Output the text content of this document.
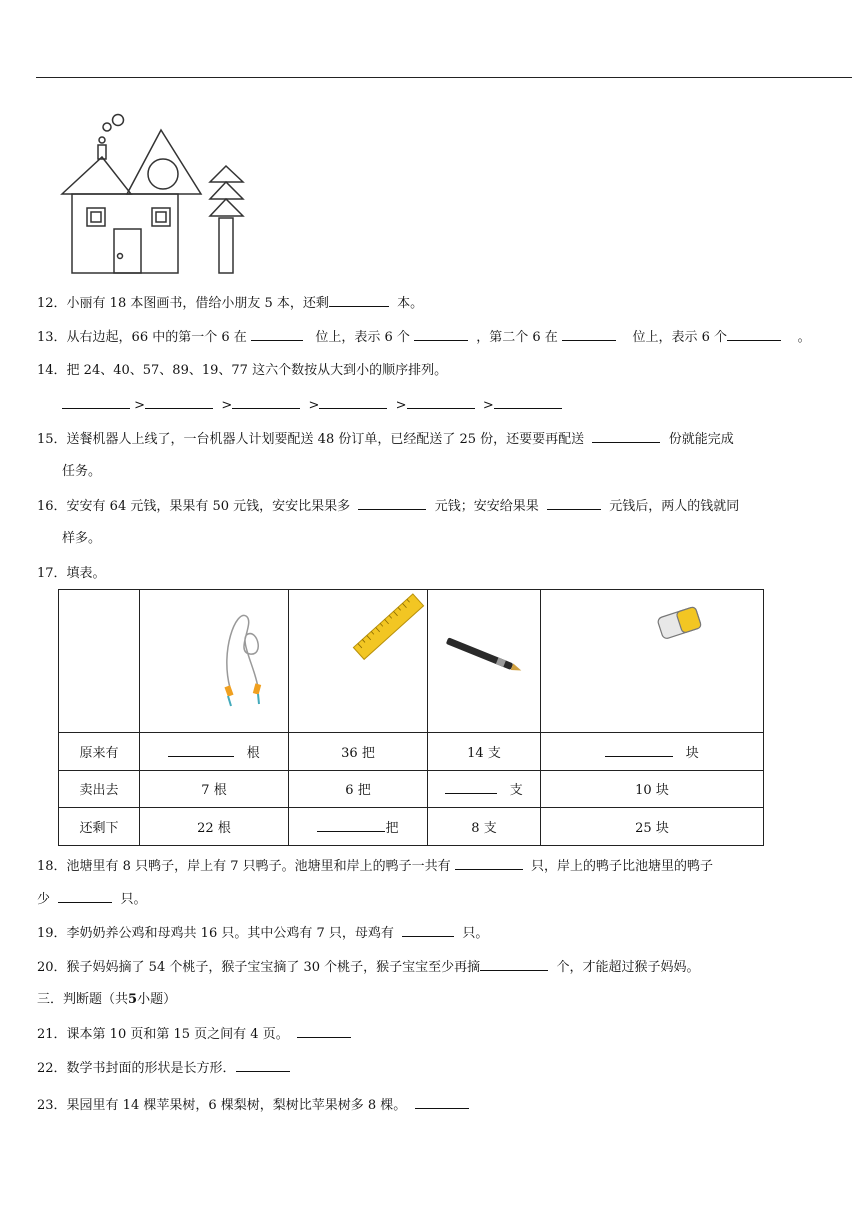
12．小丽有 18 本图画书，借给小朋友 5 本，还剩	本。
13．从右边起，66 中的第一个 6 在	位上，表示 6 个	，第二个 6 在	位上，表示 6 个	。
14．把 24、40、57、89、19、77 这六个数按从大到小的顺序排列。
>	>	>	>	>
15．送餐机器人上线了，一台机器人计划要配送 48 份订单，已经配送了 25 份，还要要再配送	份就能完成
任务。
16．安安有 64 元钱，果果有 50 元钱，安安比果果多	元钱；安安给果果	元钱后，两人的钱就同
样多。
17．填表。

原来有	根	36 把	14 支	块
卖出去	7 根	6 把	支	10 块
还剩下	22 根	把	8 支	25 块
18．池塘里有 8 只鸭子，岸上有 7 只鸭子。池塘里和岸上的鸭子一共有	只，岸上的鸭子比池塘里的鸭子
少	只。
19．李奶奶养公鸡和母鸡共 16 只。其中公鸡有 7 只，母鸡有	只。
20．猴子妈妈摘了 54 个桃子，猴子宝宝摘了 30 个桃子，猴子宝宝至少再摘	个，才能超过猴子妈妈。
三．判断题（共5小题）
21．课本第 10 页和第 15 页之间有 4 页。
22．数学书封面的形状是长方形．
23．果园里有 14 棵苹果树，6 棵梨树，梨树比苹果树多 8 棵。
